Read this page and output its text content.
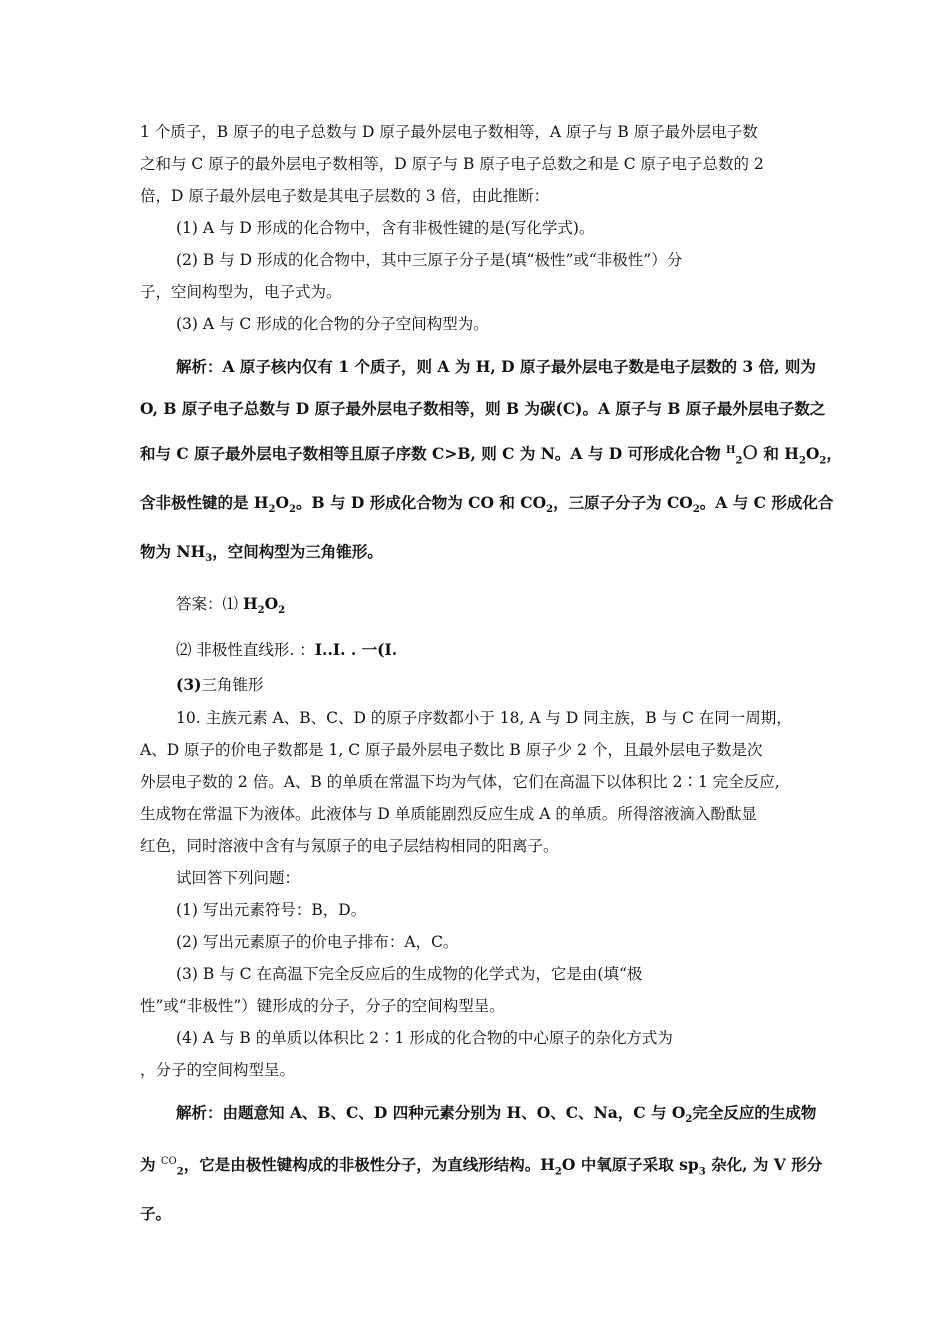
1 个质子，B 原子的电子总数与 D 原子最外层电子数相等，A 原子与 B 原子最外层电子数

之和与 C 原子的最外层电子数相等，D 原子与 B 原子电子总数之和是 C 原子电子总数的 2

倍，D 原子最外层电子数是其电子层数的 3 倍，由此推断：

(1) A 与 D 形成的化合物中，含有非极性键的是(写化学式)。

(2) B 与 D 形成的化合物中，其中三原子分子是(填“极性”或“非极性”）分

子，空间构型为，电子式为。

(3) A 与 C 形成的化合物的分子空间构型为。

解析：A 原子核内仅有 1 个质子，则 A 为 H, D 原子最外层电子数是电子层数的 3 倍, 则为

O, B 原子电子总数与 D 原子最外层电子数相等，则 B 为碳(C)。A 原子与 B 原子最外层电子数之

和与 C 原子最外层电子数相等且原子序数 C>B, 则 C 为 N。A 与 D 可形成化合物 $^H_2$O 和 $H_2O_2$，

含非极性键的是 $H_2O_2$。B 与 D 形成化合物为 CO 和 $CO_2$，三原子分子为 $CO_2$。A 与 C 形成化合

物为 $NH_3$，空间构型为三角锥形。

答案：⑴ $H_2O_2$

⑵ 非极性直线形. ：I..I. . 一(I.

(3)三角锥形

10. 主族元素 A、B、C、D 的原子序数都小于 18, A 与 D 同主族，B 与 C 在同一周期，

A、D 原子的价电子数都是 1, C 原子最外层电子数比 B 原子少 2 个，且最外层电子数是次

外层电子数的 2 倍。A、B 的单质在常温下均为气体，它们在高温下以体积比 2∶1 完全反应,

生成物在常温下为液体。此液体与 D 单质能剧烈反应生成 A 的单质。所得溶液滴入酚酞显

红色，同时溶液中含有与氖原子的电子层结构相同的阳离子。

试回答下列问题：

(1) 写出元素符号：B，D。

(2) 写出元素原子的价电子排布：A，C。

(3) B 与 C 在高温下完全反应后的生成物的化学式为，它是由(填“极

性”或“非极性”）键形成的分子，分子的空间构型呈。

(4) A 与 B 的单质以体积比 2∶1 形成的化合物的中心原子的杂化方式为

，分子的空间构型呈。

解析：由题意知 A、B、C、D 四种元素分别为 H、O、C、Na，C 与 $O_2$完全反应的生成物

为 $^{CO}_2$，它是由极性键构成的非极性分子，为直线形结构。$H_2O$ 中氧原子采取 $sp_3$ 杂化, 为 V 形分

子。
